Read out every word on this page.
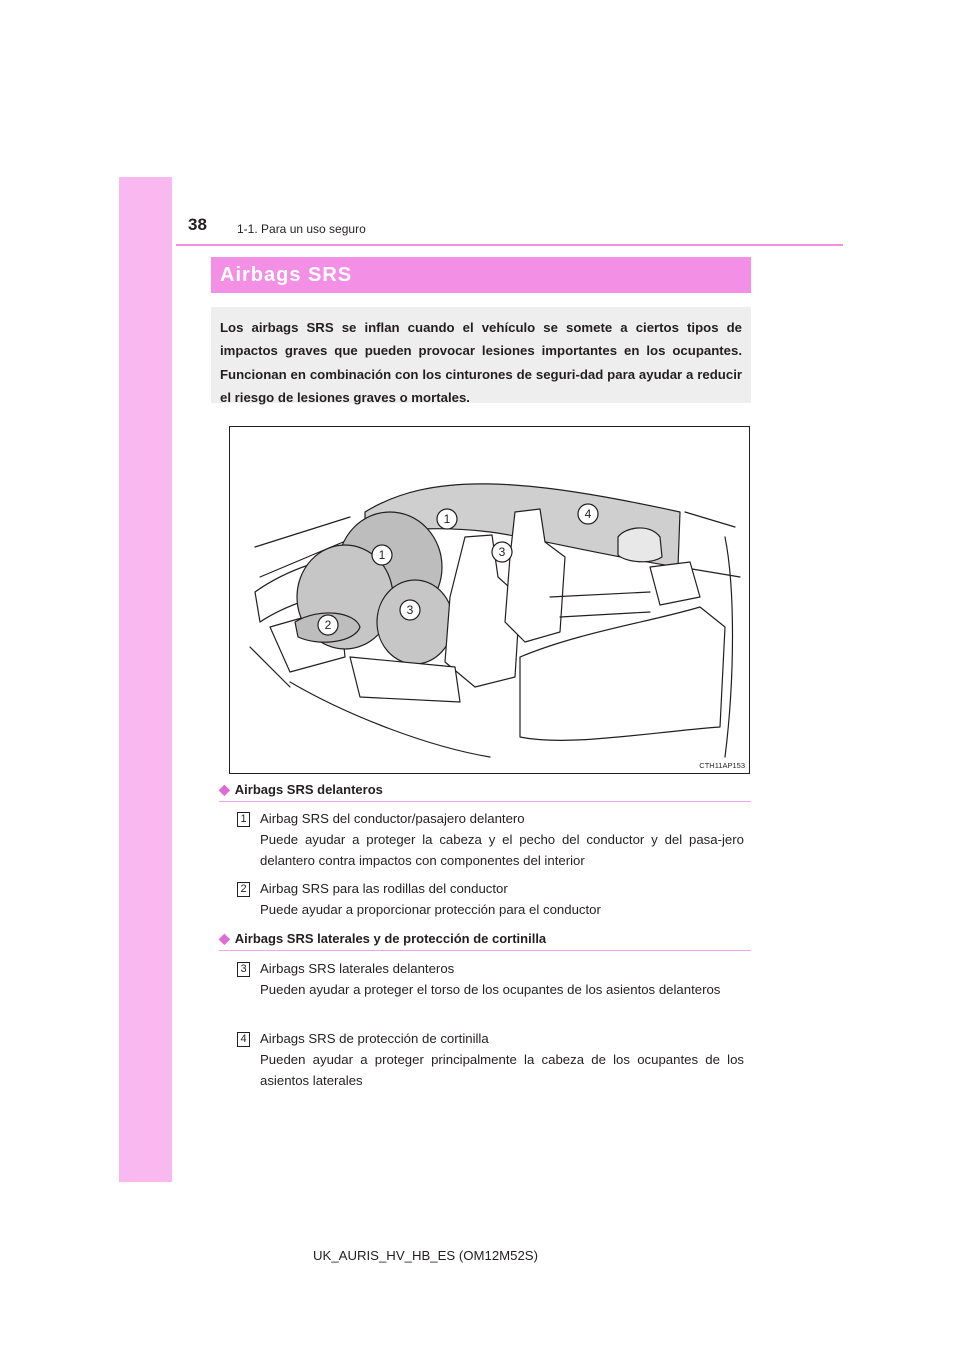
38	1-1. Para un uso seguro
Airbags SRS
Los airbags SRS se inflan cuando el vehículo se somete a ciertos tipos de impactos graves que pueden provocar lesiones importantes en los ocupantes. Funcionan en combinación con los cinturones de seguri-dad para ayudar a reducir el riesgo de lesiones graves o mortales.
1
1
2
3
3
4
CTH11AP153
◆ Airbags SRS delanteros
1 Airbag SRS del conductor/pasajero delantero
Puede ayudar a proteger la cabeza y el pecho del conductor y del pasa-jero delantero contra impactos con componentes del interior
2 Airbag SRS para las rodillas del conductor
Puede ayudar a proporcionar protección para el conductor
◆ Airbags SRS laterales y de protección de cortinilla
3 Airbags SRS laterales delanteros
Pueden ayudar a proteger el torso de los ocupantes de los asientos delanteros
4 Airbags SRS de protección de cortinilla
Pueden ayudar a proteger principalmente la cabeza de los ocupantes de los asientos laterales
UK_AURIS_HV_HB_ES (OM12M52S)
